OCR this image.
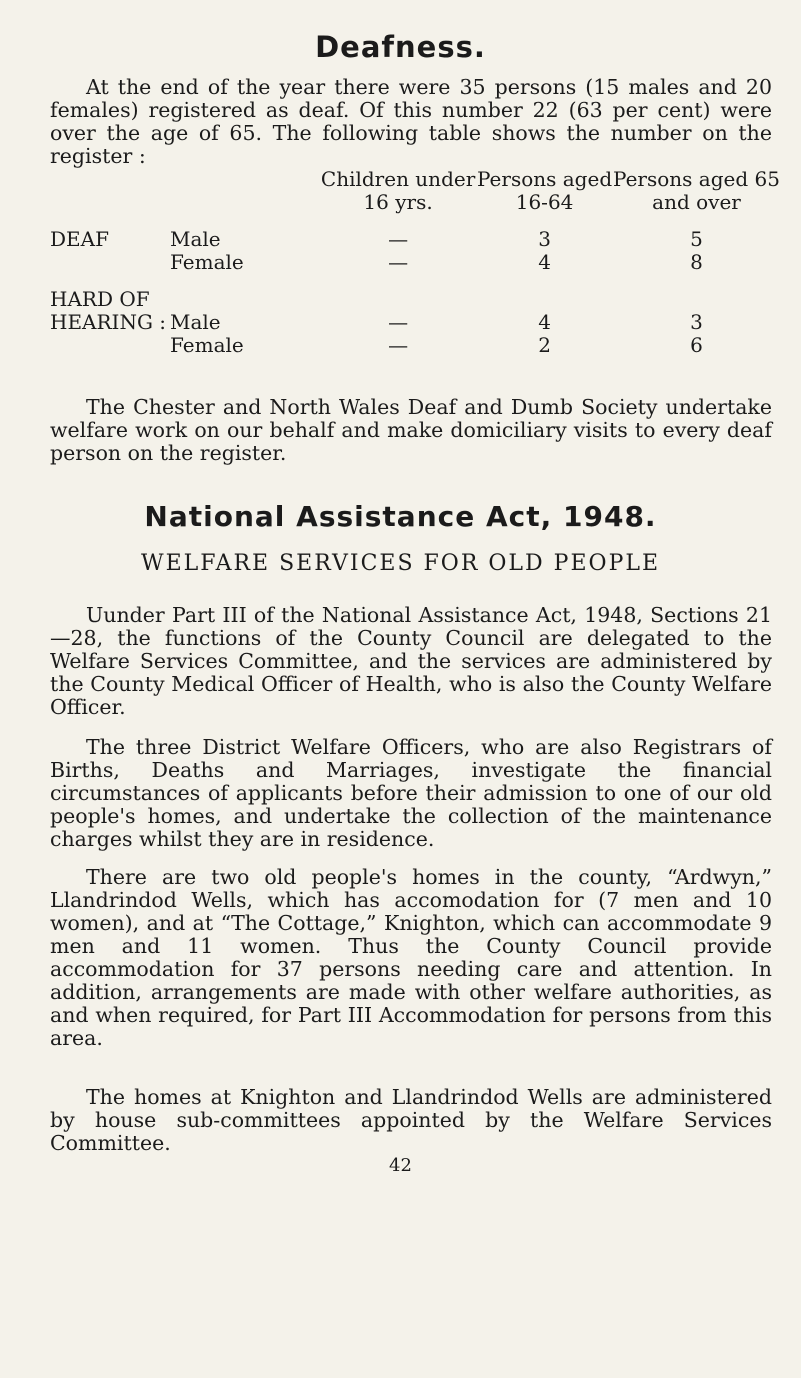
Deafness.
At the end of the year there were 35 persons (15 males and 20 females) registered as deaf. Of this number 22 (63 per cent) were over the age of 65. The following table shows the number on the register :
		Children under 16 yrs.	Persons aged 16-64	Persons aged 65 and over

DEAF	Male	—	3	5
	Female	—	4	8

HARD OF				
HEARING :	Male	—	4	3
	Female	—	2	6
The Chester and North Wales Deaf and Dumb Society undertake welfare work on our behalf and make domiciliary visits to every deaf person on the register.
National Assistance Act, 1948.
WELFARE SERVICES FOR OLD PEOPLE
Uunder Part III of the National Assistance Act, 1948, Sections 21—28, the functions of the County Council are delegated to the Welfare Services Committee, and the services are administered by the County Medical Officer of Health, who is also the County Welfare Officer.
The three District Welfare Officers, who are also Registrars of Births, Deaths and Marriages, investigate the financial circumstances of applicants before their admission to one of our old people's homes, and undertake the collection of the maintenance charges whilst they are in residence.
There are two old people's homes in the county, “Ardwyn,” Llandrindod Wells, which has accomodation for (7 men and 10 women), and at “The Cottage,” Knighton, which can accommodate 9 men and 11 women. Thus the County Council provide accommodation for 37 persons needing care and attention. In addition, arrangements are made with other welfare authorities, as and when required, for Part III Accommodation for persons from this area.
The homes at Knighton and Llandrindod Wells are administered by house sub-committees appointed by the Welfare Services Committee.
42
